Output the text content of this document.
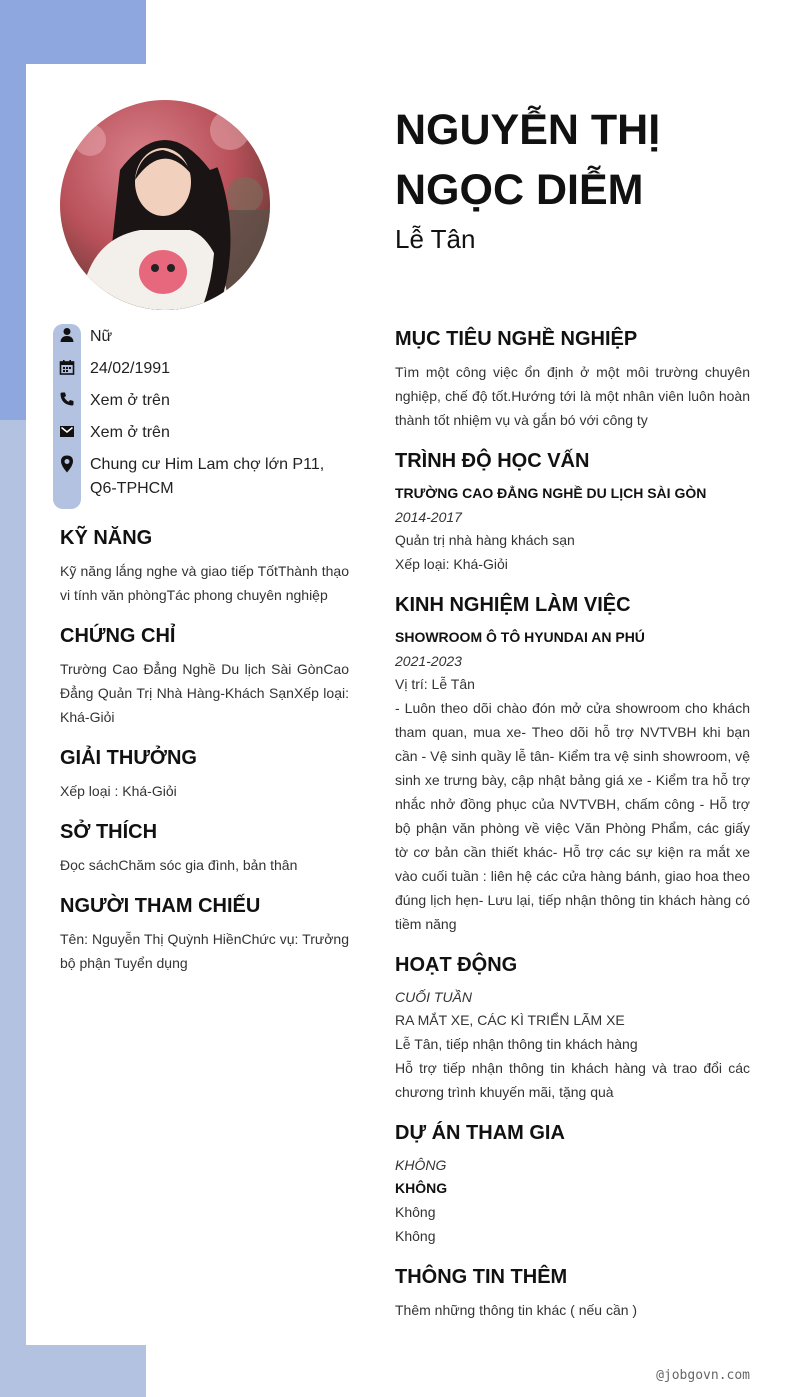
NGUYỄN THỊ
NGỌC DIỄM
Lễ Tân
Nữ
24/02/1991
Xem ở trên
Xem ở trên
Chung cư Him Lam chợ lớn P11, Q6-TPHCM
KỸ NĂNG
Kỹ năng lắng nghe và giao tiếp TốtThành thạo vi tính văn phòngTác phong chuyên nghiệp
CHỨNG CHỈ
Trường Cao Đẳng Nghề Du lịch Sài GònCao Đẳng Quản Trị Nhà Hàng-Khách SạnXếp loại: Khá-Giỏi
GIẢI THƯỞNG
Xếp loại : Khá-Giỏi
SỞ THÍCH
Đọc sáchChăm sóc gia đình, bản thân
NGƯỜI THAM CHIẾU
Tên: Nguyễn Thị Quỳnh HiềnChức vụ: Trưởng bộ phận Tuyển dụng
MỤC TIÊU NGHỀ NGHIỆP
Tìm một công việc ổn định ở một môi trường chuyên nghiệp, chế độ tốt.Hướng tới là một nhân viên luôn hoàn thành tốt nhiệm vụ và gắn bó với công ty
TRÌNH ĐỘ HỌC VẤN
TRƯỜNG CAO ĐẲNG NGHỀ DU LỊCH SÀI GÒN
2014-2017
Quản trị nhà hàng khách sạn
Xếp loại: Khá-Giỏi
KINH NGHIỆM LÀM VIỆC
SHOWROOM Ô TÔ HYUNDAI AN PHÚ
2021-2023
Vị trí: Lễ Tân
- Luôn theo dõi chào đón mở cửa showroom cho khách tham quan, mua xe- Theo dõi hỗ trợ NVTVBH khi bạn cần - Vệ sinh quầy lễ tân- Kiểm tra vệ sinh showroom, vệ sinh xe trưng bày, cập nhật bảng giá xe - Kiểm tra hỗ trợ nhắc nhở đồng phục của NVTVBH, chấm công - Hỗ trợ bộ phận văn phòng về việc Văn Phòng Phẩm, các giấy tờ cơ bản cần thiết khác- Hỗ trợ các sự kiện ra mắt xe vào cuối tuần : liên hệ các cửa hàng bánh, giao hoa theo đúng lịch hẹn- Lưu lại, tiếp nhận thông tin khách hàng có tiềm năng
HOẠT ĐỘNG
CUỐI TUẦN
RA MẮT XE, CÁC KÌ TRIỂN LÃM XE
Lễ Tân, tiếp nhận thông tin khách hàng
Hỗ trợ tiếp nhận thông tin khách hàng và trao đổi các chương trình khuyến mãi, tặng quà
DỰ ÁN THAM GIA
KHÔNG
KHÔNG
Không
Không
THÔNG TIN THÊM
Thêm những thông tin khác ( nếu cần )
@jobgovn.com
